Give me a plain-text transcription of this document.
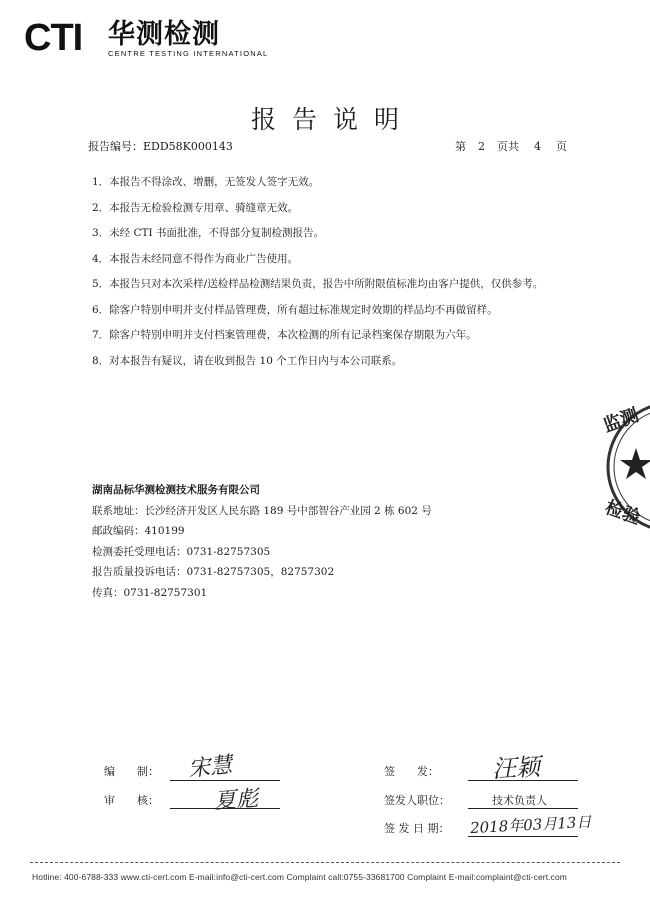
CTI 华测检测
CENTRE TESTING INTERNATIONAL
报告说明
报告编号：EDD58K000143	第 2 页共 4 页
1．本报告不得涂改、增删，无签发人签字无效。
2．本报告无检验检测专用章、骑缝章无效。
3．未经 CTI 书面批准，不得部分复制检测报告。
4．本报告未经同意不得作为商业广告使用。
5．本报告只对本次采样/送检样品检测结果负责，报告中所附限值标准均由客户提供，仅供参考。
6．除客户特别申明并支付样品管理费，所有超过标准规定时效期的样品均不再做留样。
7．除客户特别申明并支付档案管理费，本次检测的所有记录档案保存期限为六年。
8．对本报告有疑议，请在收到报告 10 个工作日内与本公司联系。
湖南品标华测检测技术服务有限公司
联系地址：长沙经济开发区人民东路 189 号中部智谷产业园 2 栋 602 号
邮政编码：410199
检测委托受理电话：0731-82757305
报告质量投诉电话：0731-82757305，82757302
传真：0731-82757301
监测
检验
编　　制： 宋慧
审　　核： 夏彪
签　　发： 汪颖
签发人职位：	技术负责人
签 发 日 期： 2018年03月13日
Hotline: 400-6788-333 www.cti-cert.com E-mail:info@cti-cert.com Complaint call:0755-33681700 Complaint E-mail:complaint@cti-cert.com
